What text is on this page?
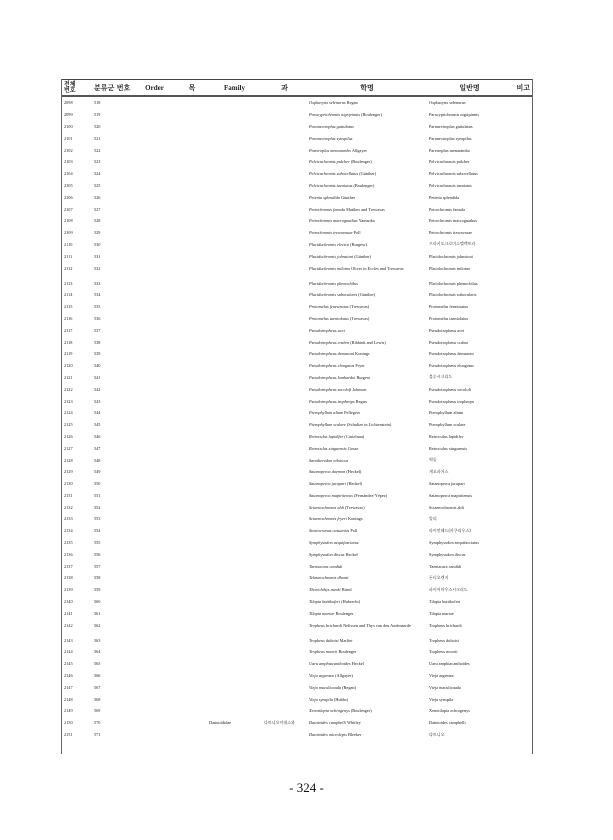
전체
번호	분류군 번호	Order	목	Family	과	학명	일반명	비고
2098	518					Oxpharynx selenurus Regan	Oxpharynx selenurus	
2099	519					Paracyprichromis nigripinnis (Boulenger)	Paracyprichromis nigripinnis	
2100	520					Paranectroplus guttulatus	Paranectroplus guttulatus	
2101	521					Paranectroplus synspilus	Paranectroplus synspilus	
2102	522					Paretroplus menarambo Allgayer	Paretroplus menarambo	
2103	523					Pelvicachromis pulcher (Boulenger)	Pelvicachromis pulcher	
2104	524					Pelvicachromis subocellatus (Günther)	Pelvicachromis subocellatus	
2105	525					Pelvicachromis taeniatus (Boulenger)	Pelvicachromis taeniatus	
2106	526					Petenia splendida Günther	Petenia splendida	
2107	527					Petrochromis famula Matthes and Trewavas	Petrochromis famula	
2108	528					Petrochromis macrognathus Yamaoka	Petrochromis macrognathus	
2109	529					Petrochromis trewavasae Poll	Petrochromis trewavasae	
2110	530					Placidochromis electra (Burgess)	프라키도크로미스엘렉트라	
2111	531					Placidochromis johnstoni (Günther)	Placidochromis johnstoni	
2112	532					Placidochromis milomo Oliver in Eccles and Trewavas	Placidochromis milomo	
2113	533					Placidochromis phenochilus	Placidochromis phenochilus	
2114	534					Placidochromis subocularis (Günther)	Placidochromis subocularis	
2115	535					Protomelas fenestratus (Trewavas)	Protomelas fenestratus	
2116	536					Protomelas taeniolatus (Trewavas)	Protomelas taeniolatus	
2117	537					Pseudotropheus acei	Pseudotropheus acei	
2118	538					Pseudotropheus crabro (Ribbink and Lewis)	Pseudotropheus crabro	
2119	539					Pseudotropheus demasoni Konings	Pseudotropheus demasoni	
2120	540					Pseudotropheus elongatus Fryer	Pseudotropheus elongatus	
2121	541					Pseudotropheus lombardoi Burgess	블루시크리드	
2122	542					Pseudotropheus socolofi Johnson	Pseudotropheus socolofi	
2123	543					Pseudotropheus tropheops Regan	Pseudotropheus tropheops	
2124	544					Pterophyllum altum Pellegrin	Pterophyllum altum	
2125	545					Pterophyllum scalare (Schultze in Lichtenstein)	Pterophyllum scalare	
2126	546					Retroculus lapidifer (Castelnau)	Retroculus lapidifer	
2127	547					Retroculus xinguensis Gosse	Retroculus xinguensis	
2128	548					Sarotherodon niloticus	역돔	
2129	549					Satanoperca daemon (Heckel)	게오파거스	
2130	550					Satanoperca jurupari (Heckel)	Satanoperca jurupari	
2131	551					Satanoperca mapiritensis (Fernández-Yépez)	Satanoperca mapiritensis	
2132	552					Sciaenochromis ahli (Trewavas)	Sciaenochromis ahli	
2133	553					Sciaenochromis fryeri Konings	알리	
2134	554					Steatocranus casuarius Poll	라이언헤드(카쿠리우스)	
2135	555					Symphysodon aequifasciatus	Symphysodon aequifasciatus	
2136	556					Symphysodon discus Heckel	Symphysodon discus	
2137	557					Taeniacara candidi	Taeniacara candidi	
2138	558					Telmatochromis dhonti	돈티오렌지	
2139	559					Thorichthys meeki Brind	파이어마우스시크리드	
2140	560					Tilapia buttikoferi (Hubrecht)	Tilapia buttikoferi	
2141	561					Tilapia mariae Boulenger	Tilapia mariae	
2142	562					Tropheus brichardi Nelissen and Thys van den Audenaerde	Tropheus brichardi	
2143	563					Tropheus duboisi Marlier	Tropheus duboisi	
2144	564					Tropheus moorii Boulenger	Tropheus moorii	
2145	565					Uaru amphiacanthoides Heckel	Uaru amphiacanthoides	
2146	566					Vieja argentea (Allgayer)	Vieja argentea	
2147	567					Vieja maculicauda (Regan)	Vieja maculicauda	
2148	568					Vieja synspila (Hubbs)	Vieja synspila	
2149	569					Xenotilapia ochrogenys (Boulenger)	Xenotilapia ochrogenys	
2150	570			Datnioididae	다트니오이데스과	Datnioides campbelli Whitley	Datnioides campbelli	
2151	571					Datnioides microlepis Bleeker	다트니오	
- 324 -
